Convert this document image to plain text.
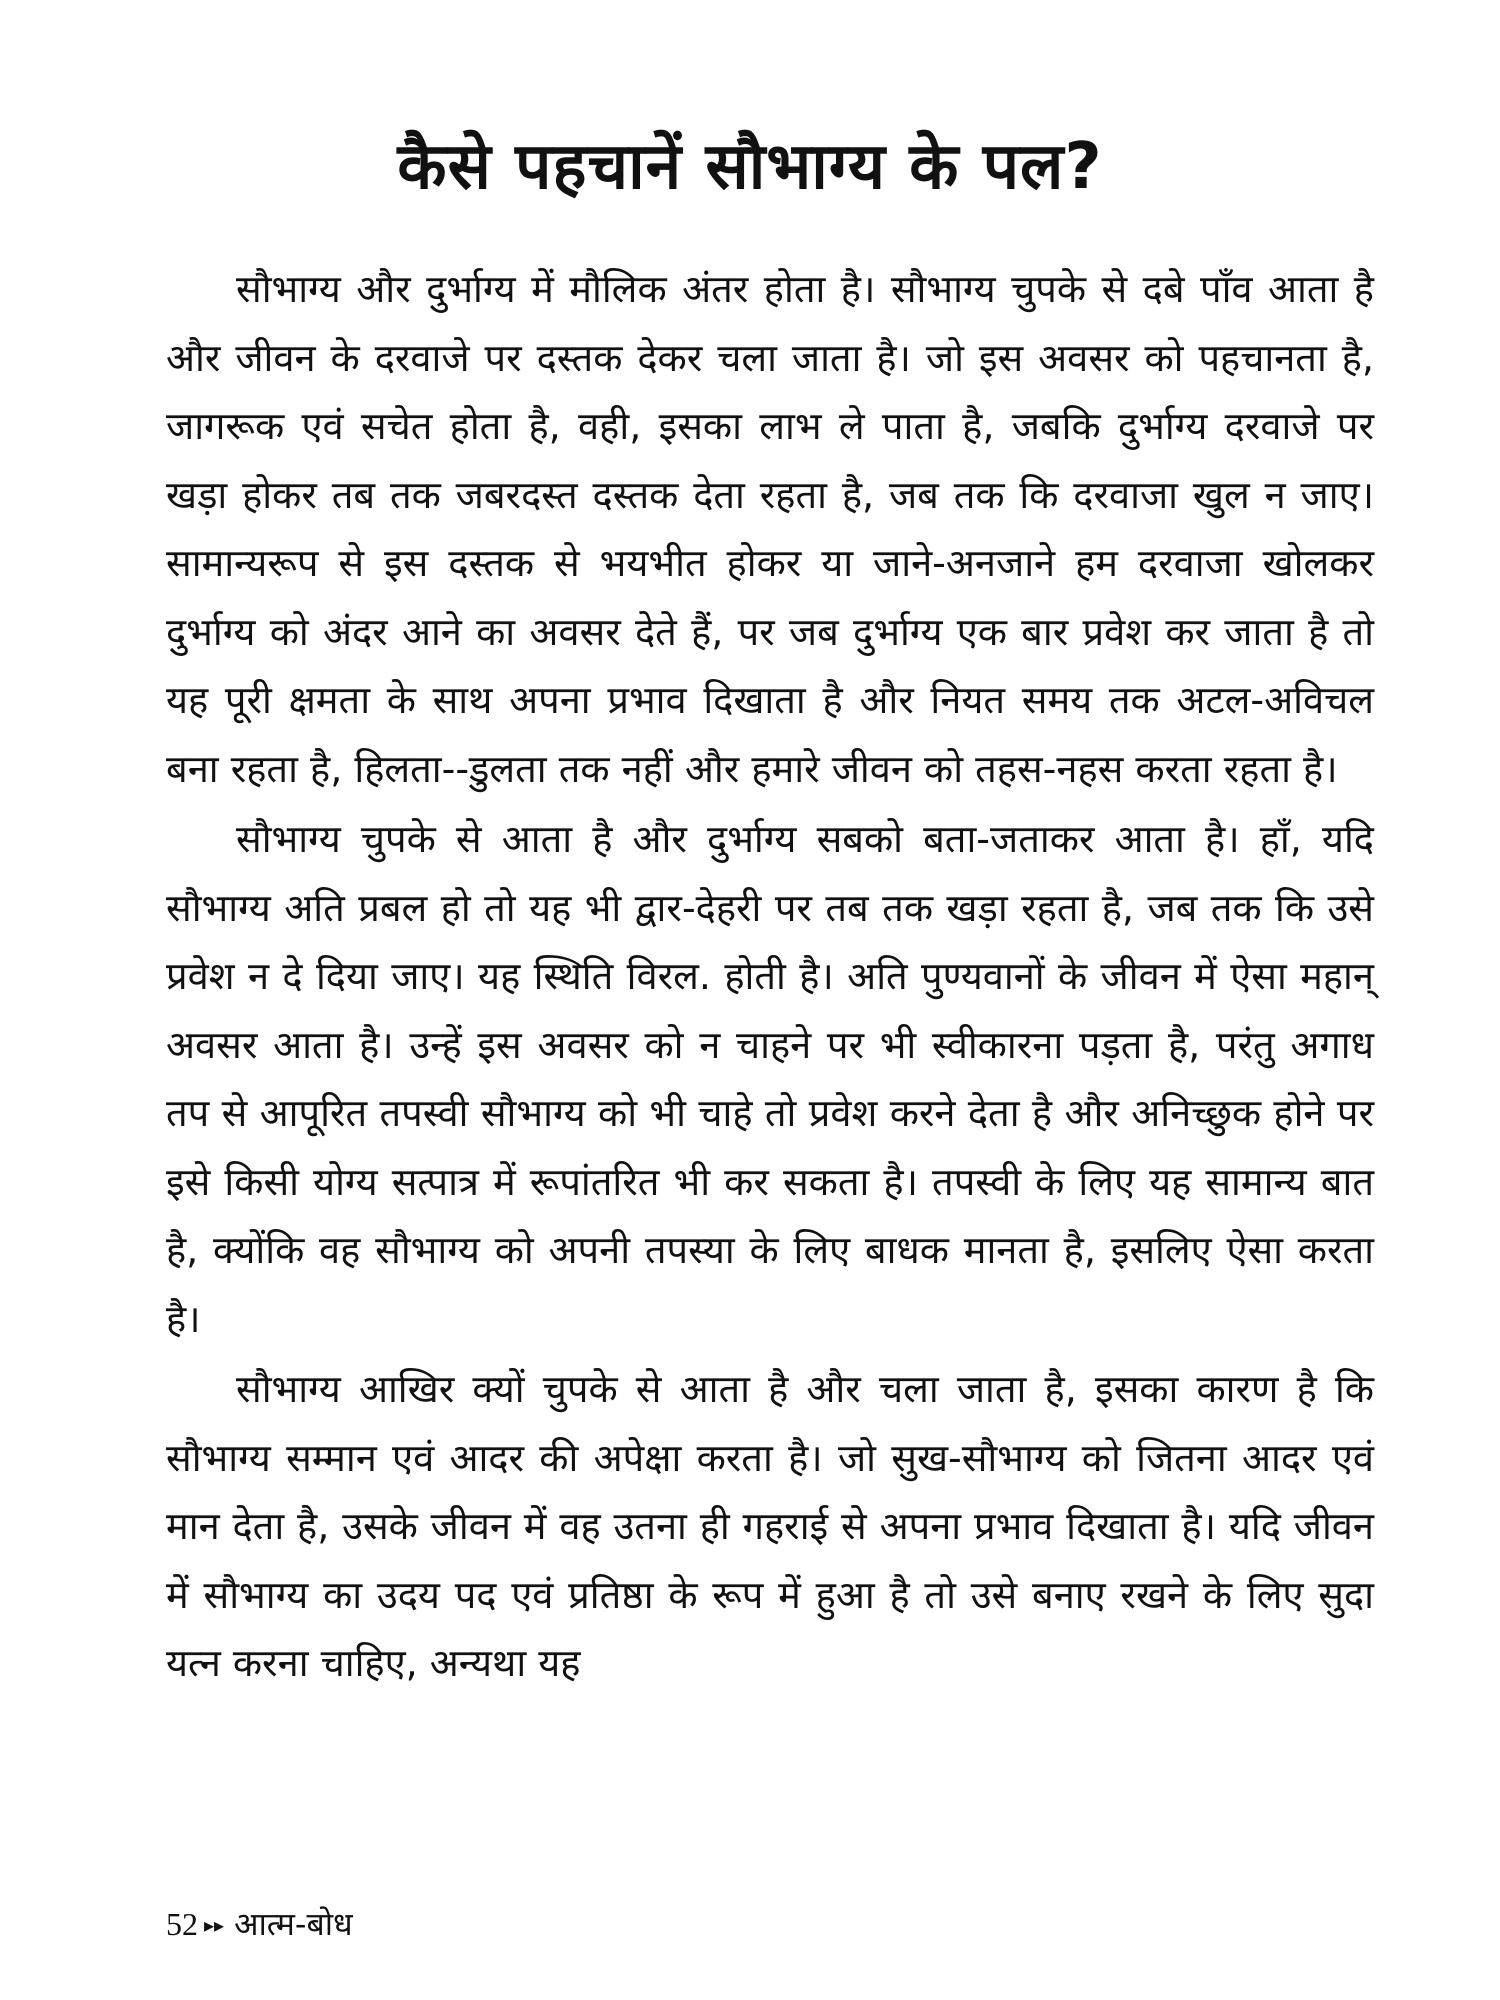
कैसे पहचानें सौभाग्य के पल?

सौभाग्य और दुर्भाग्य में मौलिक अंतर होता है। सौभाग्य चुपके से दबे पाँव आता है और जीवन के दरवाजे पर दस्तक देकर चला जाता है। जो इस अवसर को पहचानता है, जागरूक एवं सचेत होता है, वही, इसका लाभ ले पाता है, जबकि दुर्भाग्य दरवाजे पर खड़ा होकर तब तक जबरदस्त दस्तक देता रहता है, जब तक कि दरवाजा खुल न जाए। सामान्यरूप से इस दस्तक से भयभीत होकर या जाने-अनजाने हम दरवाजा खोलकर दुर्भाग्य को अंदर आने का अवसर देते हैं, पर जब दुर्भाग्य एक बार प्रवेश कर जाता है तो यह पूरी क्षमता के साथ अपना प्रभाव दिखाता है और नियत समय तक अटल-अविचल बना रहता है, हिलता--डुलता तक नहीं और हमारे जीवन को तहस-नहस करता रहता है।

सौभाग्य चुपके से आता है और दुर्भाग्य सबको बता-जताकर आता है। हाँ, यदि सौभाग्य अति प्रबल हो तो यह भी द्वार-देहरी पर तब तक खड़ा रहता है, जब तक कि उसे प्रवेश न दे दिया जाए। यह स्थिति विरल. होती है। अति पुण्यवानों के जीवन में ऐसा महान् अवसर आता है। उन्हें इस अवसर को न चाहने पर भी स्वीकारना पड़ता है, परंतु अगाध तप से आपूरित तपस्वी सौभाग्य को भी चाहे तो प्रवेश करने देता है और अनिच्छुक होने पर इसे किसी योग्य सत्पात्र में रूपांतरित भी कर सकता है। तपस्वी के लिए यह सामान्य बात है, क्योंकि वह सौभाग्य को अपनी तपस्या के लिए बाधक मानता है, इसलिए ऐसा करता है।

सौभाग्य आखिर क्यों चुपके से आता है और चला जाता है, इसका कारण है कि सौभाग्य सम्मान एवं आदर की अपेक्षा करता है। जो सुख-सौभाग्य को जितना आदर एवं मान देता है, उसके जीवन में वह उतना ही गहराई से अपना प्रभाव दिखाता है। यदि जीवन में सौभाग्य का उदय पद एवं प्रतिष्ठा के रूप में हुआ है तो उसे बनाए रखने के लिए सुदा यत्न करना चाहिए, अन्यथा यह

52 ▸▸ आत्म-बोध
